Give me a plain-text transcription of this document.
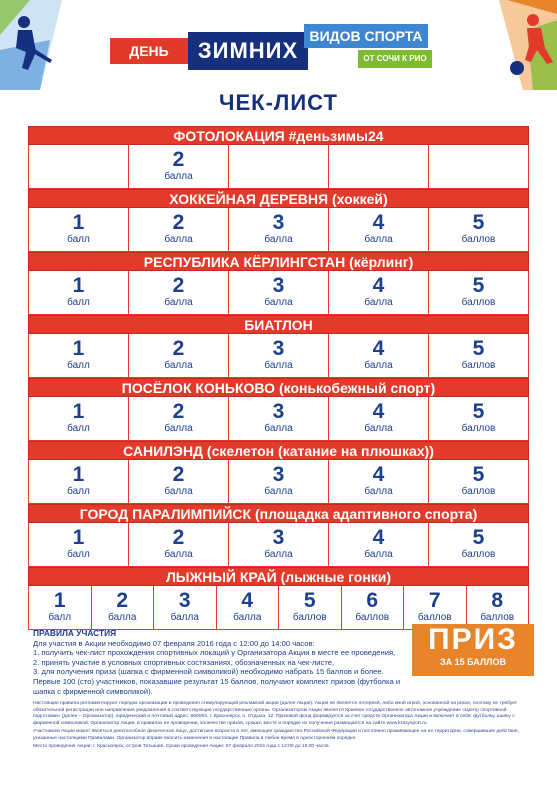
ДЕНЬ	ЗИМНИХ
ВИДОВ СПОРТА
ОТ СОЧИ К РИО
ЧЕК-ЛИСТ
ФОТОЛОКАЦИЯ #деньзимы24
2
балла
ХОККЕЙНАЯ ДЕРЕВНЯ (хоккей)
1
балл
2
балла
3
балла
4
балла
5
баллов
РЕСПУБЛИКА КЁРЛИНГСТАН (кёрлинг)
1
балл
2
балла
3
балла
4
балла
5
баллов
БИАТЛОН
1
балл
2
балла
3
балла
4
балла
5
баллов
ПОСЁЛОК КОНЬКОВО (конькобежный спорт)
1
балл
2
балла
3
балла
4
балла
5
баллов
САНИЛЭНД (скелетон (катание на плюшках))
1
балл
2
балла
3
балла
4
балла
5
баллов
ГОРОД ПАРАЛИМПИЙСК (площадка адаптивного спорта)
1
балл
2
балла
3
балла
4
балла
5
баллов
ЛЫЖНЫЙ КРАЙ (лыжные гонки)
1
балл
2
балла
3
балла
4
балла
5
баллов
6
баллов
7
баллов
8
баллов
ПРАВИЛА УЧАСТИЯ
Для участия в Акции необходимо 07 февраля 2016 года с 12:00 до 14:00 часов:
1. получить чек-лист прохождения спортивных локаций у Организатора Акции в месте ее проведения,
2. принять участие в условных спортивных состязаниях, обозначенных на чек-листе,
3. для получения приза (шапка с фирменной символикой) необходимо набрать 15 баллов и более.
Первые 100 (сто) участников, показавшие результат 15 баллов, получают комплект призов (футболка и шапка с фирменной символикой).
ПРИЗ
ЗА 15 БАЛЛОВ

Настоящие правила регламентируют порядок организации и проведения стимулирующей рекламной акции (далее Акция). Акция не является лотереей, либо иной игрой, основанной на риске, поэтому не требует обязательной регистрации или направления уведомления в соответствующие государственные органы. Организатором Акции является Краевое государственное автономное учреждение «Центр спортивной подготовки» (далее – Организатор), юридический и почтовый адрес: 660093, г. Красноярск, о. Отдыха, 12. Призовой фонд формируется за счет средств Организатора Акции и включает в себя: футболку, шапку с фирменной символикой. Организатор Акции, в правилах ее проведении, количестве призов, сроках, месте и порядке их получения размещается на сайте www.krasysport.ru

Участником Акции может являться дееспособное физическое лицо, достигшее возраста 6 лет, имеющее гражданство Российской Федерации и постоянно проживающее на ее территории, совершившее действия, указанные настоящими Правилами. Организатор вправе вносить изменения в настоящие Правила в любое время в одностороннем порядке.

Место проведения Акции: г. Красноярск, остров Татышев. Сроки проведения Акции: 07 февраля 2016 года с 12:00 до 15:00 часов.
